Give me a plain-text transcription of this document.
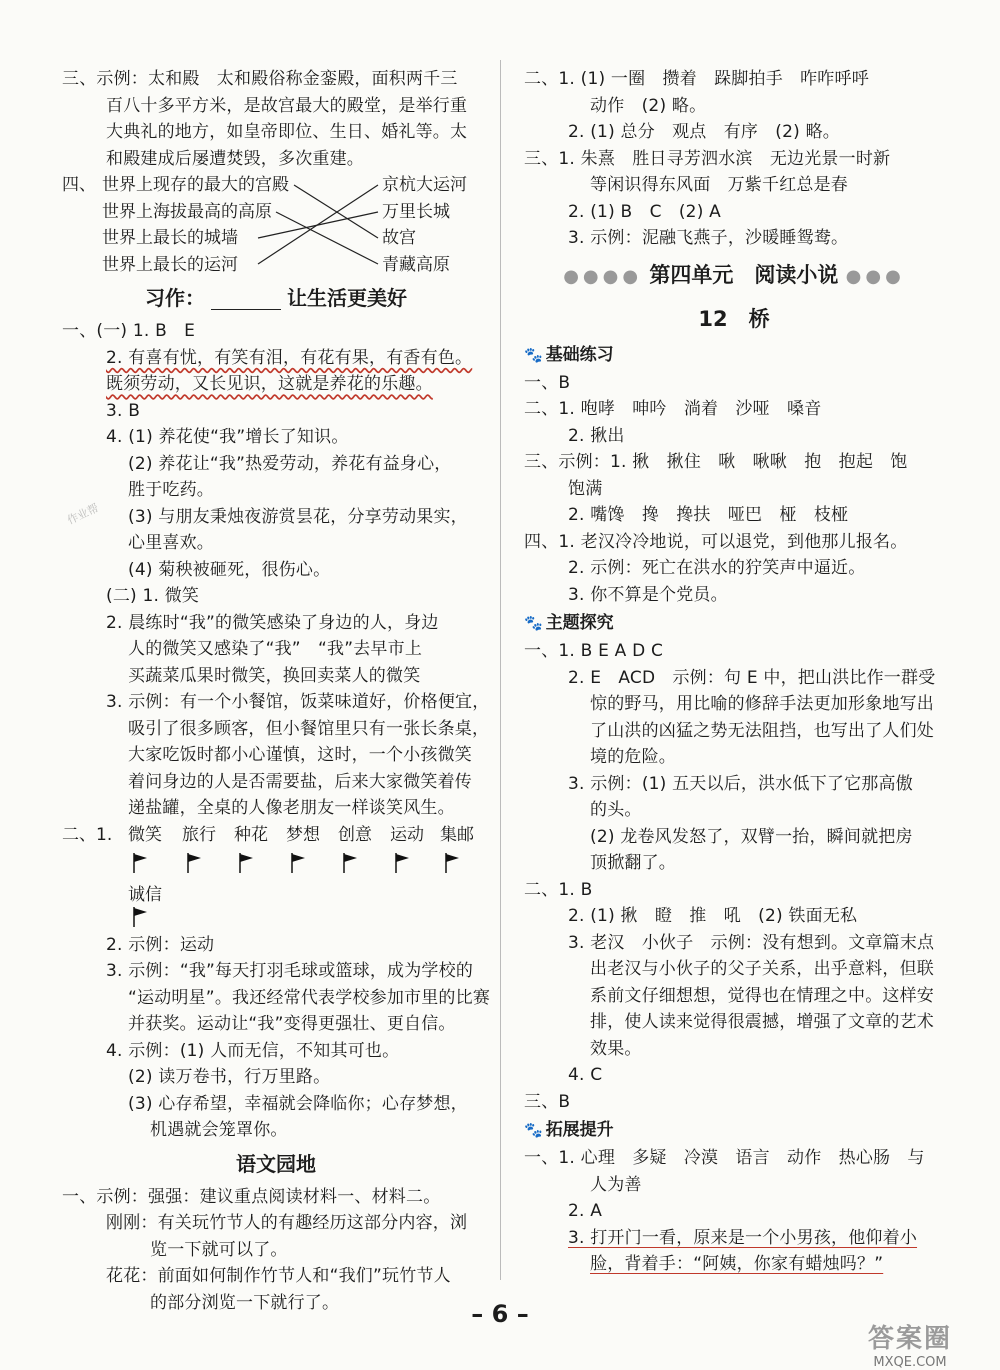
三、示例：太和殿　太和殿俗称金銮殿，面积两千三
百八十多平方米，是故宫最大的殿堂，是举行重
大典礼的地方，如皇帝即位、生日、婚礼等。太
和殿建成后屡遭焚毁，多次重建。
四、 世界上现存的最大的宫殿
世界上海拔最高的高原
世界上最长的城墙
世界上最长的运河
京杭大运河
万里长城
故宫
青藏高原
习作：	让生活更美好
一、(一) 1. B　E
2. 有喜有忧，有笑有泪，有花有果，有香有色。
既须劳动，又长见识，这就是养花的乐趣。
3. B
4. (1) 养花使“我”增长了知识。
(2) 养花让“我”热爱劳动，养花有益身心，
胜于吃药。
(3) 与朋友秉烛夜游赏昙花，分享劳动果实，
心里喜欢。
(4) 菊秧被砸死，很伤心。
(二) 1. 微笑
2. 晨练时“我”的微笑感染了身边的人，身边
人的微笑又感染了“我”　“我”去早市上
买蔬菜瓜果时微笑，换回卖菜人的微笑
3. 示例：有一个小餐馆，饭菜味道好，价格便宜，
吸引了很多顾客，但小餐馆里只有一张长条桌，
大家吃饭时都小心谨慎，这时，一个小孩微笑
着问身边的人是否需要盐，后来大家微笑着传
递盐罐，全桌的人像老朋友一样谈笑风生。
二、1. 微笑 旅行 种花 梦想 创意 运动 集邮
诚信
2. 示例：运动
3. 示例：“我”每天打羽毛球或篮球，成为学校的
“运动明星”。我还经常代表学校参加市里的比赛
并获奖。运动让“我”变得更强壮、更自信。
4. 示例：(1) 人而无信，不知其可也。
(2) 读万卷书，行万里路。
(3) 心存希望，幸福就会降临你；心存梦想，
机遇就会笼罩你。
语文园地
一、示例：强强：建议重点阅读材料一、材料二。
刚刚：有关玩竹节人的有趣经历这部分内容，浏
览一下就可以了。
花花：前面如何制作竹节人和“我们”玩竹节人
的部分浏览一下就行了。
二、1. (1) 一圈　攒着　跺脚拍手　咋咋呼呼
动作　(2) 略。
2. (1) 总分　观点　有序　(2) 略。
三、1. 朱熹　胜日寻芳泗水滨　无边光景一时新
等闲识得东风面　万紫千红总是春
2. (1) B　C　(2) A
3. 示例：泥融飞燕子，沙暖睡鸳鸯。
●●●● 第四单元　阅读小说 ●●●
12　桥
🐾 基础练习
一、B
二、1. 咆哮　呻吟　淌着　沙哑　嗓音
2. 揪出
三、示例：1. 揪　揪住　啾　啾啾　抱　抱起　饱
饱满
2. 嘴馋　搀　搀扶　哑巴　桠　枝桠
四、1. 老汉冷冷地说，可以退党，到他那儿报名。
2. 示例：死亡在洪水的狞笑声中逼近。
3. 你不算是个党员。
🐾 主题探究
一、1. B E A D C
2. E　ACD　示例：句 E 中，把山洪比作一群受
惊的野马，用比喻的修辞手法更加形象地写出
了山洪的凶猛之势无法阻挡，也写出了人们处
境的危险。
3. 示例：(1) 五天以后，洪水低下了它那高傲
的头。
(2) 龙卷风发怒了，双臂一抬，瞬间就把房
顶掀翻了。
二、1. B
2. (1) 揪　瞪　推　吼　(2) 铁面无私
3. 老汉　小伙子　示例：没有想到。文章篇末点
出老汉与小伙子的父子关系，出乎意料，但联
系前文仔细想想，觉得也在情理之中。这样安
排，使人读来觉得很震撼，增强了文章的艺术
效果。
4. C
三、B
🐾 拓展提升
一、1. 心理　多疑　冷漠　语言　动作　热心肠　与
人为善
2. A
3. 打开门一看，原来是一个小男孩，他仰着小
脸，背着手：“阿姨，你家有蜡烛吗？”
作业帮
– 6 –
答案圈
MXQE.COM
